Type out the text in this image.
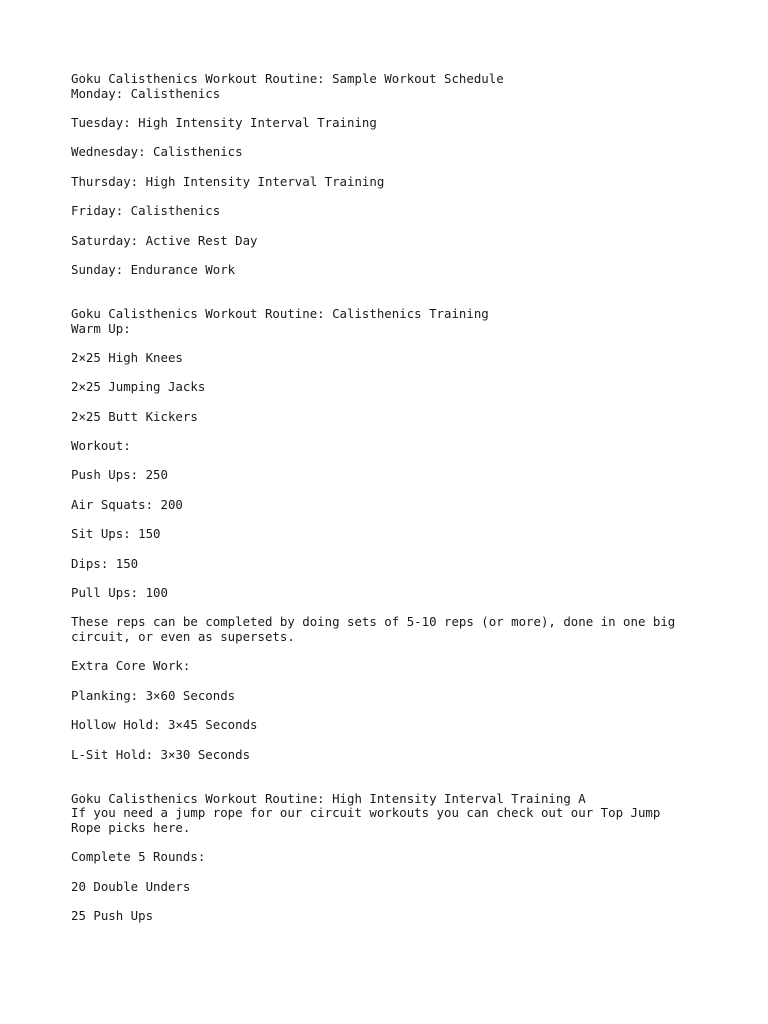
Goku Calisthenics Workout Routine: Sample Workout Schedule

Monday: Calisthenics

Tuesday: High Intensity Interval Training

Wednesday: Calisthenics

Thursday: High Intensity Interval Training

Friday: Calisthenics

Saturday: Active Rest Day

Sunday: Endurance Work

Goku Calisthenics Workout Routine: Calisthenics Training

Warm Up:

2×25 High Knees

2×25 Jumping Jacks

2×25 Butt Kickers

Workout:

Push Ups: 250

Air Squats: 200

Sit Ups: 150

Dips: 150

Pull Ups: 100

These reps can be completed by doing sets of 5-10 reps (or more), done in one big

circuit, or even as supersets.

Extra Core Work:

Planking: 3×60 Seconds

Hollow Hold: 3×45 Seconds

L-Sit Hold: 3×30 Seconds

Goku Calisthenics Workout Routine: High Intensity Interval Training A

If you need a jump rope for our circuit workouts you can check out our Top Jump

Rope picks here.

Complete 5 Rounds:

20 Double Unders

25 Push Ups
